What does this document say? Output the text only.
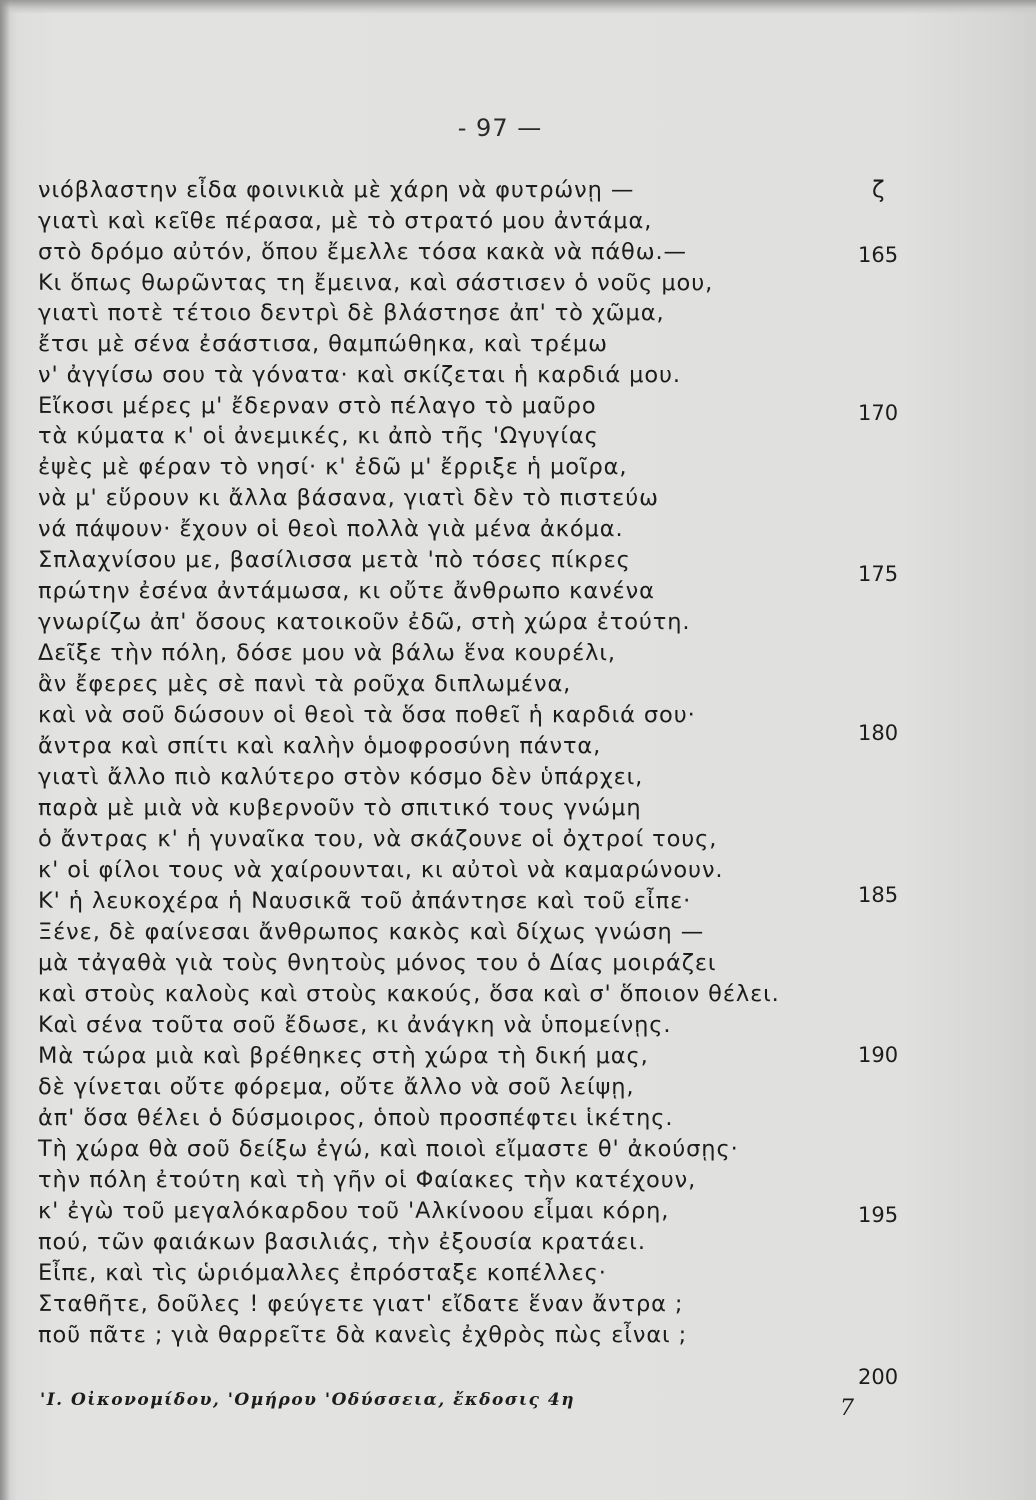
- 97 —
ζ
νιόβλαστην εἶδα φοινικιὰ μὲ χάρη νὰ φυτρώνῃ —
γιατὶ καὶ κεῖθε πέρασα, μὲ τὸ στρατό μου ἀντάμα,
στὸ δρόμο αὐτόν, ὅπου ἔμελλε τόσα κακὰ νὰ πάθω.—
Κι ὅπως θωρῶντας τη ἔμεινα, καὶ σάστισεν ὁ νοῦς μου,
γιατὶ ποτὲ τέτοιο δεντρὶ δὲ βλάστησε ἀπ' τὸ χῶμα,
ἔτσι μὲ σένα ἐσάστισα, θαμπώθηκα, καὶ τρέμω
ν' ἀγγίσω σου τὰ γόνατα· καὶ σκίζεται ἡ καρδιά μου.
Εἴκοσι μέρες μ' ἔδερναν στὸ πέλαγο τὸ μαῦρο
τὰ κύματα κ' οἱ ἀνεμικές, κι ἀπὸ τῆς 'Ωγυγίας
ἐψὲς μὲ φέραν τὸ νησί· κ' ἐδῶ μ' ἔρριξε ἡ μοῖρα,
νὰ μ' εὕρουν κι ἄλλα βάσανα, γιατὶ δὲν τὸ πιστεύω
νά πάψουν· ἔχουν οἱ θεοὶ πολλὰ γιὰ μένα ἀκόμα.
Σπλαχνίσου με, βασίλισσα μετὰ 'πὸ τόσες πίκρες
πρώτην ἐσένα ἀντάμωσα, κι οὔτε ἄνθρωπο κανένα
γνωρίζω ἀπ' ὅσους κατοικοῦν ἐδῶ, στὴ χώρα ἐτούτη.
Δεῖξε τὴν πόλη, δόσε μου νὰ βάλω ἕνα κουρέλι,
ἂν ἔφερες μὲς σὲ πανὶ τὰ ροῦχα διπλωμένα,
καὶ νὰ σοῦ δώσουν οἱ θεοὶ τὰ ὅσα ποθεῖ ἡ καρδιά σου·
ἄντρα καὶ σπίτι καὶ καλὴν ὁμοφροσύνη πάντα,
γιατὶ ἄλλο πιὸ καλύτερο στὸν κόσμο δὲν ὑπάρχει,
παρὰ μὲ μιὰ νὰ κυβερνοῦν τὸ σπιτικό τους γνώμη
ὁ ἄντρας κ' ἡ γυναῖκα του, νὰ σκάζουνε οἱ ὀχτροί τους,
κ' οἱ φίλοι τους νὰ χαίρουνται, κι αὐτοὶ νὰ καμαρώνουν.
Κ' ἡ λευκοχέρα ἡ Ναυσικᾶ τοῦ ἀπάντησε καὶ τοῦ εἶπε·
Ξένε, δὲ φαίνεσαι ἄνθρωπος κακὸς καὶ δίχως γνώση —
μὰ τἀγαθὰ γιὰ τοὺς θνητοὺς μόνος του ὁ Δίας μοιράζει
καὶ στοὺς καλοὺς καὶ στοὺς κακούς, ὅσα καὶ σ' ὅποιον θέλει.
Καὶ σένα τοῦτα σοῦ ἔδωσε, κι ἀνάγκη νὰ ὑπομείνῃς.
Μὰ τώρα μιὰ καὶ βρέθηκες στὴ χώρα τὴ δική μας,
δὲ γίνεται οὔτε φόρεμα, οὔτε ἄλλο νὰ σοῦ λείψῃ,
ἀπ' ὅσα θέλει ὁ δύσμοιρος, ὁποὺ προσπέφτει ἱκέτης.
Τὴ χώρα θὰ σοῦ δείξω ἐγώ, καὶ ποιοὶ εἴμαστε θ' ἀκούσῃς·
τὴν πόλη ἐτούτη καὶ τὴ γῆν οἱ Φαίακες τὴν κατέχουν,
κ' ἐγὼ τοῦ μεγαλόκαρδου τοῦ 'Αλκίνοου εἶμαι κόρη,
πού, τῶν φαιάκων βασιλιάς, τὴν ἐξουσία κρατάει.
Εἶπε, καὶ τὶς ὡριόμαλλες ἐπρόσταξε κοπέλλες·
Σταθῆτε, δοῦλες ! φεύγετε γιατ' εἴδατε ἕναν ἄντρα ;
ποῦ πᾶτε ; γιὰ θαρρεῖτε δὰ κανεὶς ἐχθρὸς πὼς εἶναι ;
165
170
175
180
185
190
195
200
'Ι. Οἰκονομίδου, 'Ομήρου 'Οδύσσεια, ἔκδοσις 4η	7
